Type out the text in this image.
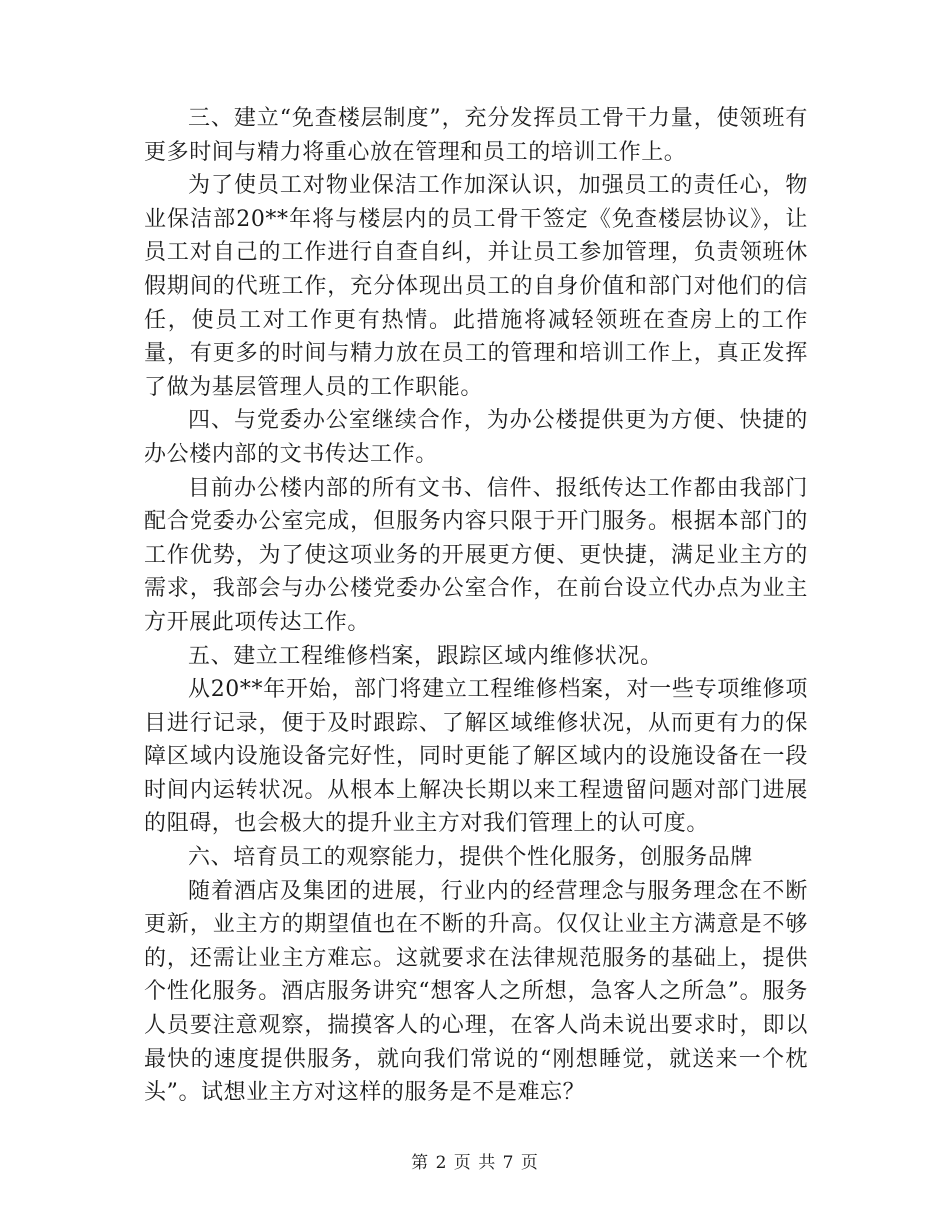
三、建立“免查楼层制度”，充分发挥员工骨干力量，使领班有更多时间与精力将重心放在管理和员工的培训工作上。

为了使员工对物业保洁工作加深认识，加强员工的责任心，物业保洁部20**年将与楼层内的员工骨干签定《免查楼层协议》，让员工对自己的工作进行自查自纠，并让员工参加管理，负责领班休假期间的代班工作，充分体现出员工的自身价值和部门对他们的信任，使员工对工作更有热情。此措施将减轻领班在查房上的工作量，有更多的时间与精力放在员工的管理和培训工作上，真正发挥了做为基层管理人员的工作职能。

四、与党委办公室继续合作，为办公楼提供更为方便、快捷的办公楼内部的文书传达工作。

目前办公楼内部的所有文书、信件、报纸传达工作都由我部门配合党委办公室完成，但服务内容只限于开门服务。根据本部门的工作优势，为了使这项业务的开展更方便、更快捷，满足业主方的需求，我部会与办公楼党委办公室合作，在前台设立代办点为业主方开展此项传达工作。

五、建立工程维修档案，跟踪区域内维修状况。

从20**年开始，部门将建立工程维修档案，对一些专项维修项目进行记录，便于及时跟踪、了解区域维修状况，从而更有力的保障区域内设施设备完好性，同时更能了解区域内的设施设备在一段时间内运转状况。从根本上解决长期以来工程遗留问题对部门进展的阻碍，也会极大的提升业主方对我们管理上的认可度。

六、培育员工的观察能力，提供个性化服务，创服务品牌

随着酒店及集团的进展，行业内的经营理念与服务理念在不断更新，业主方的期望值也在不断的升高。仅仅让业主方满意是不够的，还需让业主方难忘。这就要求在法律规范服务的基础上，提供个性化服务。酒店服务讲究“想客人之所想，急客人之所急”。服务人员要注意观察，揣摸客人的心理，在客人尚未说出要求时，即以最快的速度提供服务，就向我们常说的“刚想睡觉，就送来一个枕头”。试想业主方对这样的服务是不是难忘？

第 2 页 共 7 页
